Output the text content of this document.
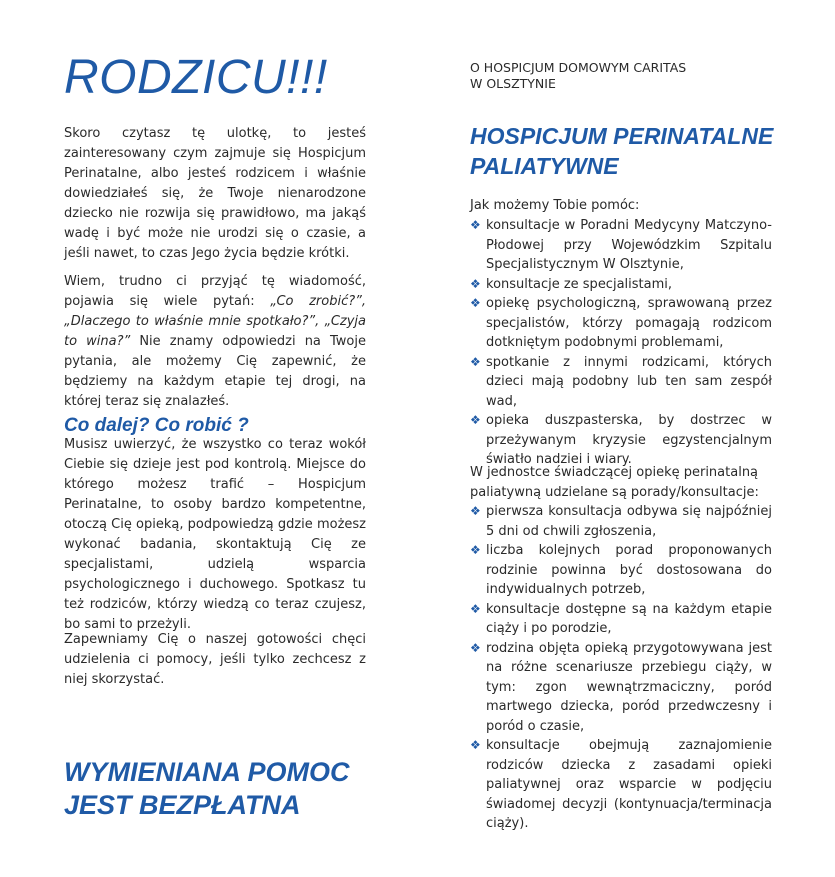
RODZICU!!!

Skoro czytasz tę ulotkę, to jesteś zainteresowany czym zajmuje się Hospicjum Perinatalne, albo jesteś rodzicem i właśnie dowiedziałeś się, że Twoje nienarodzone dziecko nie rozwija się prawidłowo, ma jakąś wadę i być może nie urodzi się o czasie, a jeśli nawet, to czas Jego życia będzie krótki.

Wiem, trudno ci przyjąć tę wiadomość, pojawia się wiele pytań: „Co zrobić?”, „Dlaczego to właśnie mnie spotkało?”, „Czyja to wina?” Nie znamy odpowiedzi na Twoje pytania, ale możemy Cię zapewnić, że będziemy na każdym etapie tej drogi, na której teraz się znalazłeś.

Co dalej? Co robić ?

Musisz uwierzyć, że wszystko co teraz wokół Ciebie się dzieje jest pod kontrolą. Miejsce do którego możesz trafić – Hospicjum Perinatalne, to osoby bardzo kompetentne, otoczą Cię opieką, podpowiedzą gdzie możesz wykonać badania, skontaktują Cię ze specjalistami, udzielą wsparcia psychologicznego i duchowego. Spotkasz tu też rodziców, którzy wiedzą co teraz czujesz, bo sami to przeżyli.

Zapewniamy Cię o naszej gotowości chęci udzielenia ci pomocy, jeśli tylko zechcesz z niej skorzystać.

WYMIENIANA POMOC
JEST BEZPŁATNA

O HOSPICJUM DOMOWYM CARITAS
W OLSZTYNIE

HOSPICJUM PERINATALNE
PALIATYWNE

Jak możemy Tobie pomóc:

❖ konsultacje w Poradni Medycyny Matczyno-Płodowej przy Wojewódzkim Szpitalu Specjalistycznym W Olsztynie,
❖ konsultacje ze specjalistami,
❖ opiekę psychologiczną, sprawowaną przez specjalistów, którzy pomagają rodzicom dotkniętym podobnymi problemami,
❖ spotkanie z innymi rodzicami, których dzieci mają podobny lub ten sam zespół wad,
❖ opieka duszpasterska, by dostrzec w przeżywanym kryzysie egzystencjalnym światło nadziei i wiary.

W jednostce świadczącej opiekę perinatalną paliatywną udzielane są porady/konsultacje:

❖ pierwsza konsultacja odbywa się najpóźniej 5 dni od chwili zgłoszenia,
❖ liczba kolejnych porad proponowanych rodzinie powinna być dostosowana do indywidualnych potrzeb,
❖ konsultacje dostępne są na każdym etapie ciąży i po porodzie,
❖ rodzina objęta opieką przygotowywana jest na różne scenariusze przebiegu ciąży, w tym: zgon wewnątrzmaciczny, poród martwego dziecka, poród przedwczesny i poród o czasie,
❖ konsultacje obejmują zaznajomienie rodziców dziecka z zasadami opieki paliatywnej oraz wsparcie w podjęciu świadomej decyzji (kontynuacja/terminacja ciąży).
